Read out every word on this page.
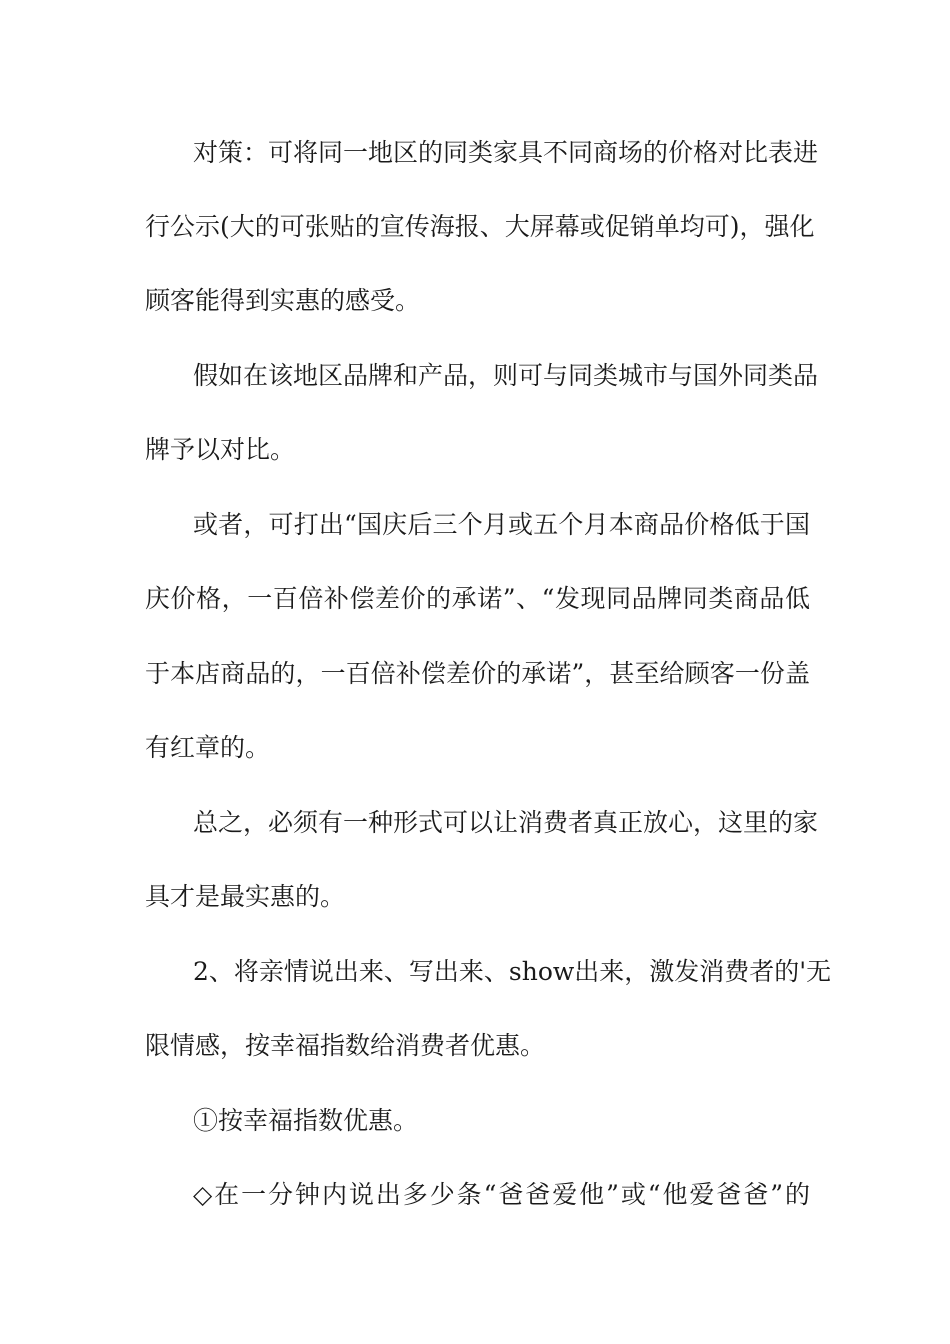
对策：可将同一地区的同类家具不同商场的价格对比表进
行公示(大的可张贴的宣传海报、大屏幕或促销单均可)，强化
顾客能得到实惠的感受。
假如在该地区品牌和产品，则可与同类城市与国外同类品
牌予以对比。
或者，可打出“国庆后三个月或五个月本商品价格低于国
庆价格，一百倍补偿差价的承诺”、“发现同品牌同类商品低
于本店商品的，一百倍补偿差价的承诺”，甚至给顾客一份盖
有红章的。
总之，必须有一种形式可以让消费者真正放心，这里的家
具才是最实惠的。
2、将亲情说出来、写出来、show出来，激发消费者的'无
限情感，按幸福指数给消费者优惠。
①按幸福指数优惠。
◇在一分钟内说出多少条“爸爸爱他”或“他爱爸爸”的
